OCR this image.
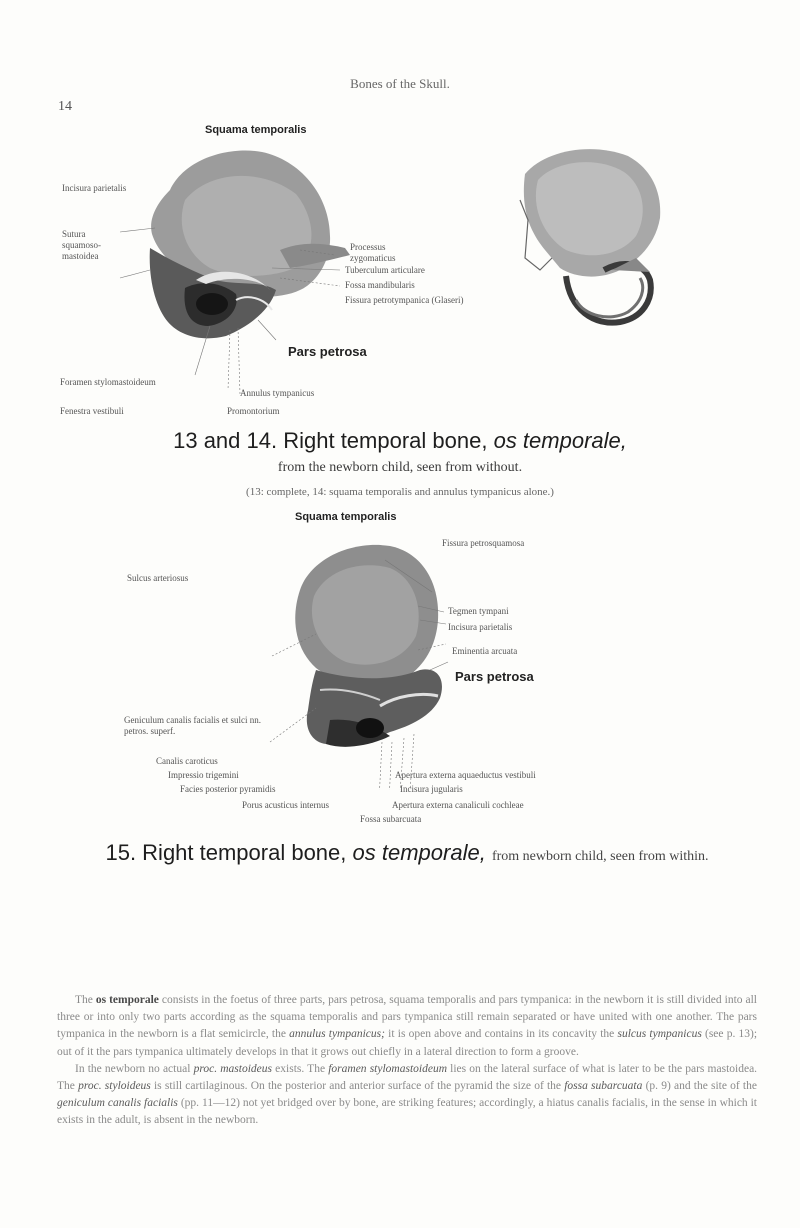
14
Bones of the Skull.
Squama temporalis
Incisura parietalis
Sutura squamoso-mastoidea
Processus zygomaticus
Tuberculum articulare
Fossa mandibularis
Fissura petrotympanica (Glaseri)
Pars petrosa
Foramen stylomastoideum
Annulus tympanicus
Fenestra vestibuli	Promontorium
13 and 14. Right temporal bone, os temporale,
from the newborn child, seen from without.
(13: complete, 14: squama temporalis and annulus tympanicus alone.)
Squama temporalis
Sulcus arteriosus
Fissura petrosquamosa
Tegmen tympani
Incisura parietalis
Eminentia arcuata
Pars petrosa
Geniculum canalis facialis et sulci nn. petros. superf.
Canalis caroticus
Impressio trigemini
Facies posterior pyramidis
Apertura externa aquaeductus vestibuli
Incisura jugularis
Porus acusticus internus	Apertura externa canaliculi cochleae
Fossa subarcuata
15. Right temporal bone, os temporale, from newborn child, seen from within.

The os temporale consists in the foetus of three parts, pars petrosa, squama temporalis and pars tympanica: in the newborn it is still divided into all three or into only two parts according as the squama temporalis and pars tympanica still remain separated or have united with one another. The pars tympanica in the newborn is a flat semicircle, the annulus tympanicus; it is open above and contains in its concavity the sulcus tympanicus (see p. 13); out of it the pars tympanica ultimately develops in that it grows out chiefly in a lateral direction to form a groove.

In the newborn no actual proc. mastoideus exists. The foramen stylomastoideum lies on the lateral surface of what is later to be the pars mastoidea. The proc. styloideus is still cartilaginous. On the posterior and anterior surface of the pyramid the size of the fossa subarcuata (p. 9) and the site of the geniculum canalis facialis (pp. 11—12) not yet bridged over by bone, are striking features; accordingly, a hiatus canalis facialis, in the sense in which it exists in the adult, is absent in the newborn.
